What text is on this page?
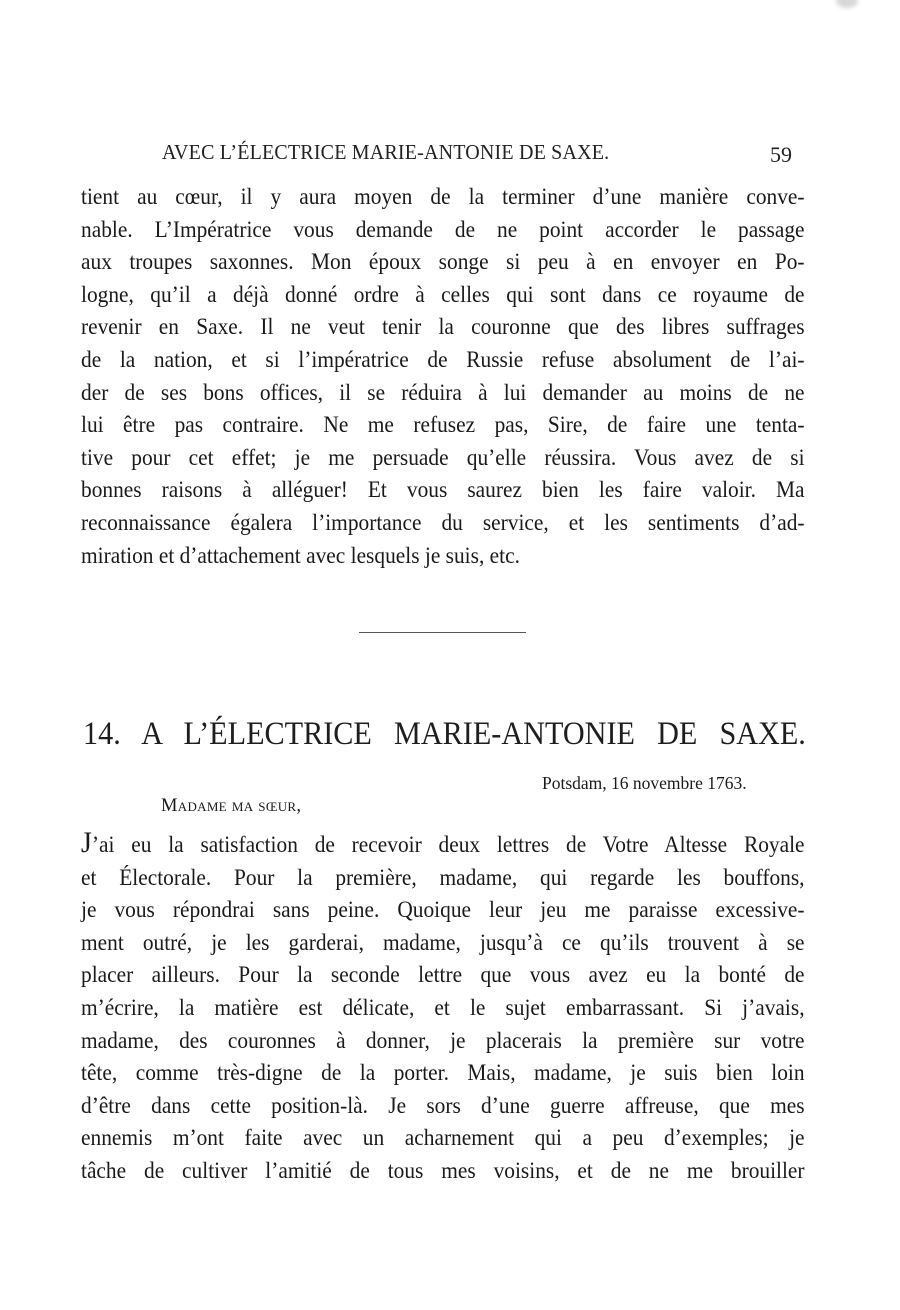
AVEC L’ÉLECTRICE MARIE-ANTONIE DE SAXE.	59
tient au cœur, il y aura moyen de la terminer d’une manière conve-
nable. L’Impératrice vous demande de ne point accorder le passage
aux troupes saxonnes. Mon époux songe si peu à en envoyer en Po-
logne, qu’il a déjà donné ordre à celles qui sont dans ce royaume de
revenir en Saxe. Il ne veut tenir la couronne que des libres suffrages
de la nation, et si l’impératrice de Russie refuse absolument de l’ai-
der de ses bons offices, il se réduira à lui demander au moins de ne
lui être pas contraire. Ne me refusez pas, Sire, de faire une tenta-
tive pour cet effet; je me persuade qu’elle réussira. Vous avez de si
bonnes raisons à alléguer! Et vous saurez bien les faire valoir. Ma
reconnaissance égalera l’importance du service, et les sentiments d’ad-
miration et d’attachement avec lesquels je suis, etc.
14. A L’ÉLECTRICE MARIE-ANTONIE DE SAXE.
Potsdam, 16 novembre 1763.
Madame ma sœur,
J’ai eu la satisfaction de recevoir deux lettres de Votre Altesse Royale
et Électorale. Pour la première, madame, qui regarde les bouffons,
je vous répondrai sans peine. Quoique leur jeu me paraisse excessive-
ment outré, je les garderai, madame, jusqu’à ce qu’ils trouvent à se
placer ailleurs. Pour la seconde lettre que vous avez eu la bonté de
m’écrire, la matière est délicate, et le sujet embarrassant. Si j’avais,
madame, des couronnes à donner, je placerais la première sur votre
tête, comme très-digne de la porter. Mais, madame, je suis bien loin
d’être dans cette position-là. Je sors d’une guerre affreuse, que mes
ennemis m’ont faite avec un acharnement qui a peu d’exemples; je
tâche de cultiver l’amitié de tous mes voisins, et de ne me brouiller
